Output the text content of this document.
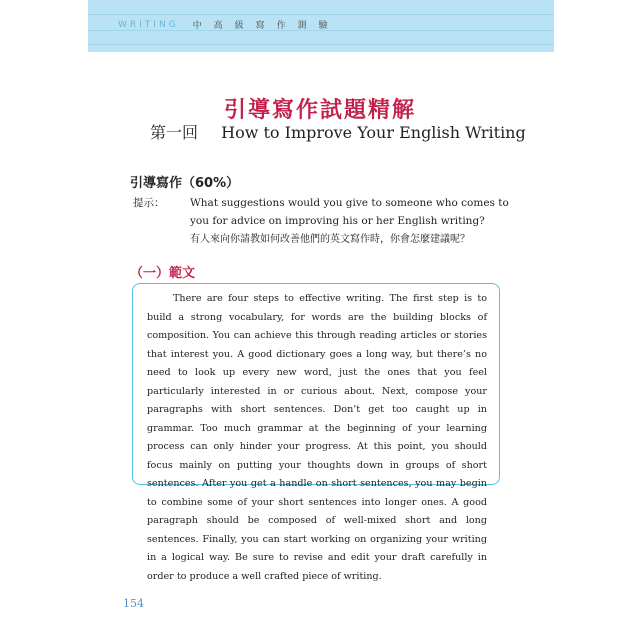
WRITING 中高級寫作測驗
引導寫作試題精解
第一回 How to Improve Your English Writing
引導寫作（60%）
提示： What suggestions would you give to someone who comes to you for advice on improving his or her English writing?
有人來向你請教如何改善他們的英文寫作時，你會怎麼建議呢？
（一）範文

There are four steps to effective writing. The first step is to build a strong vocabulary, for words are the building blocks of composition. You can achieve this through reading articles or stories that interest you. A good dictionary goes a long way, but there’s no need to look up every new word, just the ones that you feel particularly interested in or curious about. Next, compose your paragraphs with short sentences. Don’t get too caught up in grammar. Too much grammar at the beginning of your learning process can only hinder your progress. At this point, you should focus mainly on putting your thoughts down in groups of short sentences. After you get a handle on short sentences, you may begin to combine some of your short sentences into longer ones. A good paragraph should be composed of well-mixed short and long sentences. Finally, you can start working on organizing your writing in a logical way. Be sure to revise and edit your draft carefully in order to produce a well crafted piece of writing.

154
